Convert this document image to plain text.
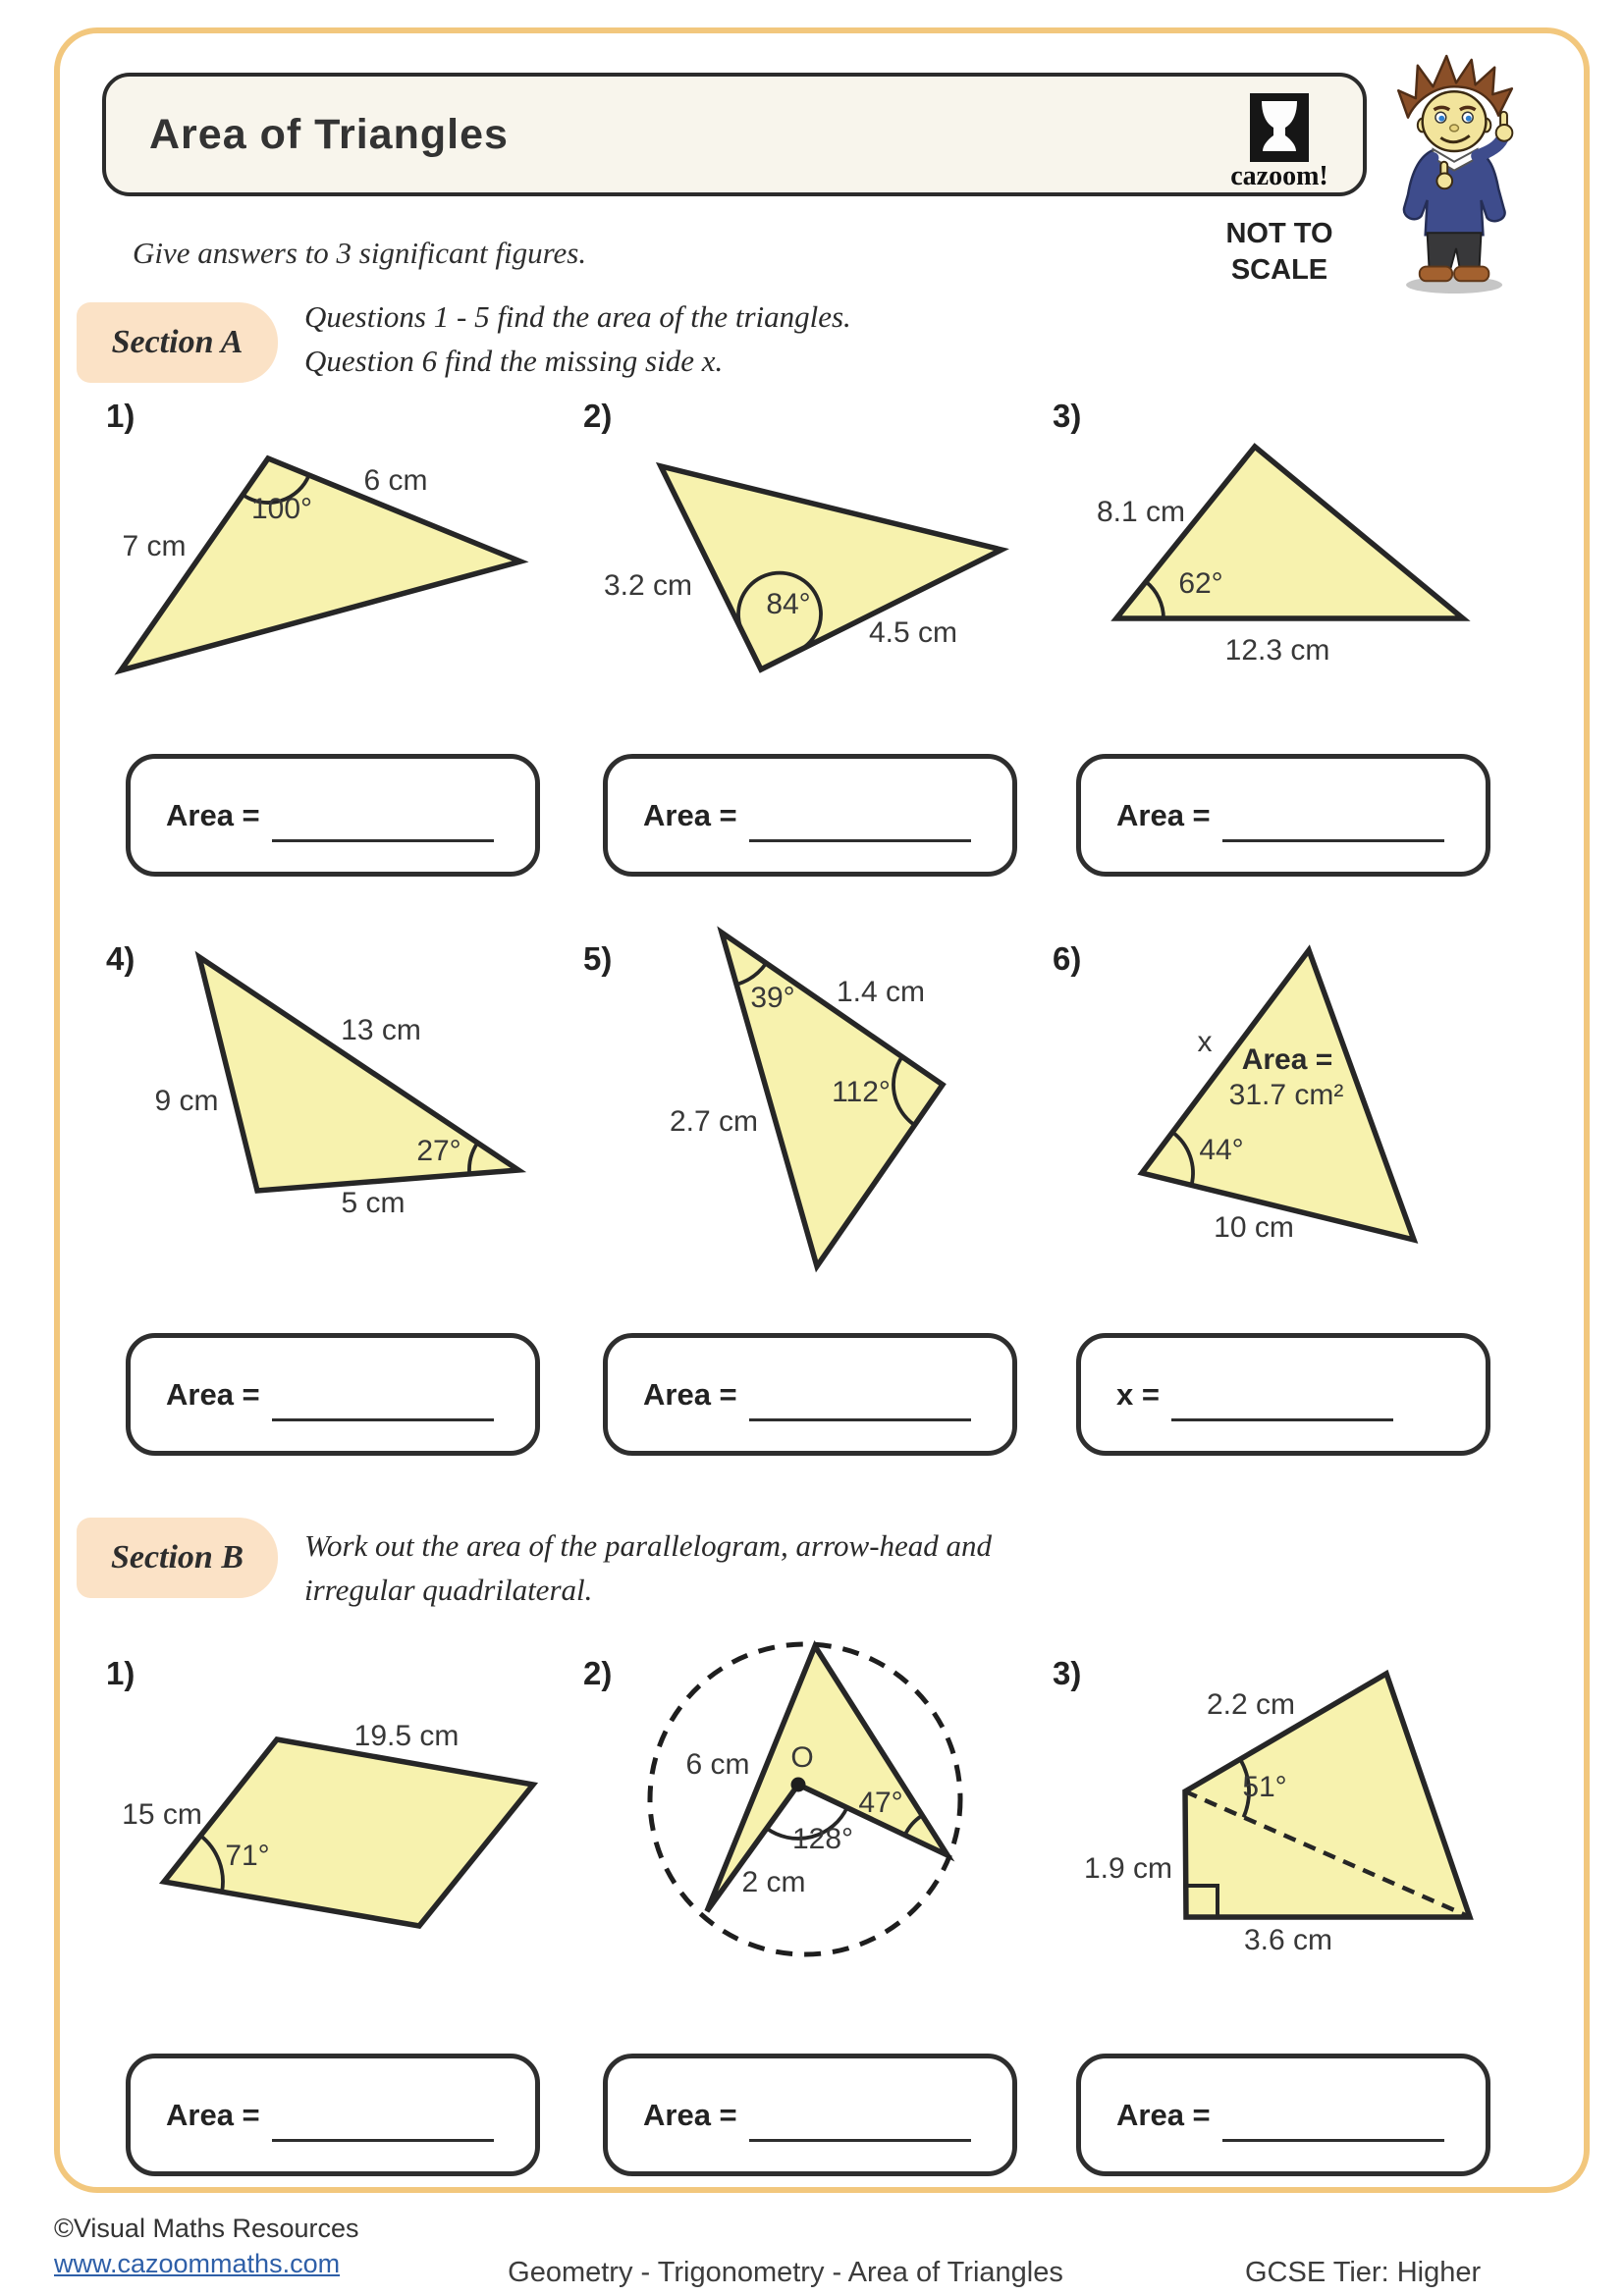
Area of Triangles
cazoom!
NOT TO SCALE
Give answers to 3 significant figures.
Section A
Questions 1 - 5 find the area of the triangles.
Question 6 find the missing side x.
1)	2)	3)
4)	5)	6)
1)	2)	3)
7 cm
6 cm
100°
3.2 cm
84°
4.5 cm
8.1 cm
62°
12.3 cm
13 cm
9 cm
27°
5 cm
39° 1.4 cm
112°
2.7 cm
x
Area =
31.7 cm²
44°
10 cm
Area =	Area =	Area =
Area =	Area =	x =
Section B	Work out the area of the parallelogram, arrow-head and
irregular quadrilateral.
19.5 cm
15 cm
71°
6 cm O
47°
128°
2 cm
2.2 cm
51°
1.9 cm
3.6 cm
Area =	Area =	Area =
©Visual Maths Resources
www.cazoommaths.com	Geometry - Trigonometry - Area of Triangles	GCSE Tier: Higher
